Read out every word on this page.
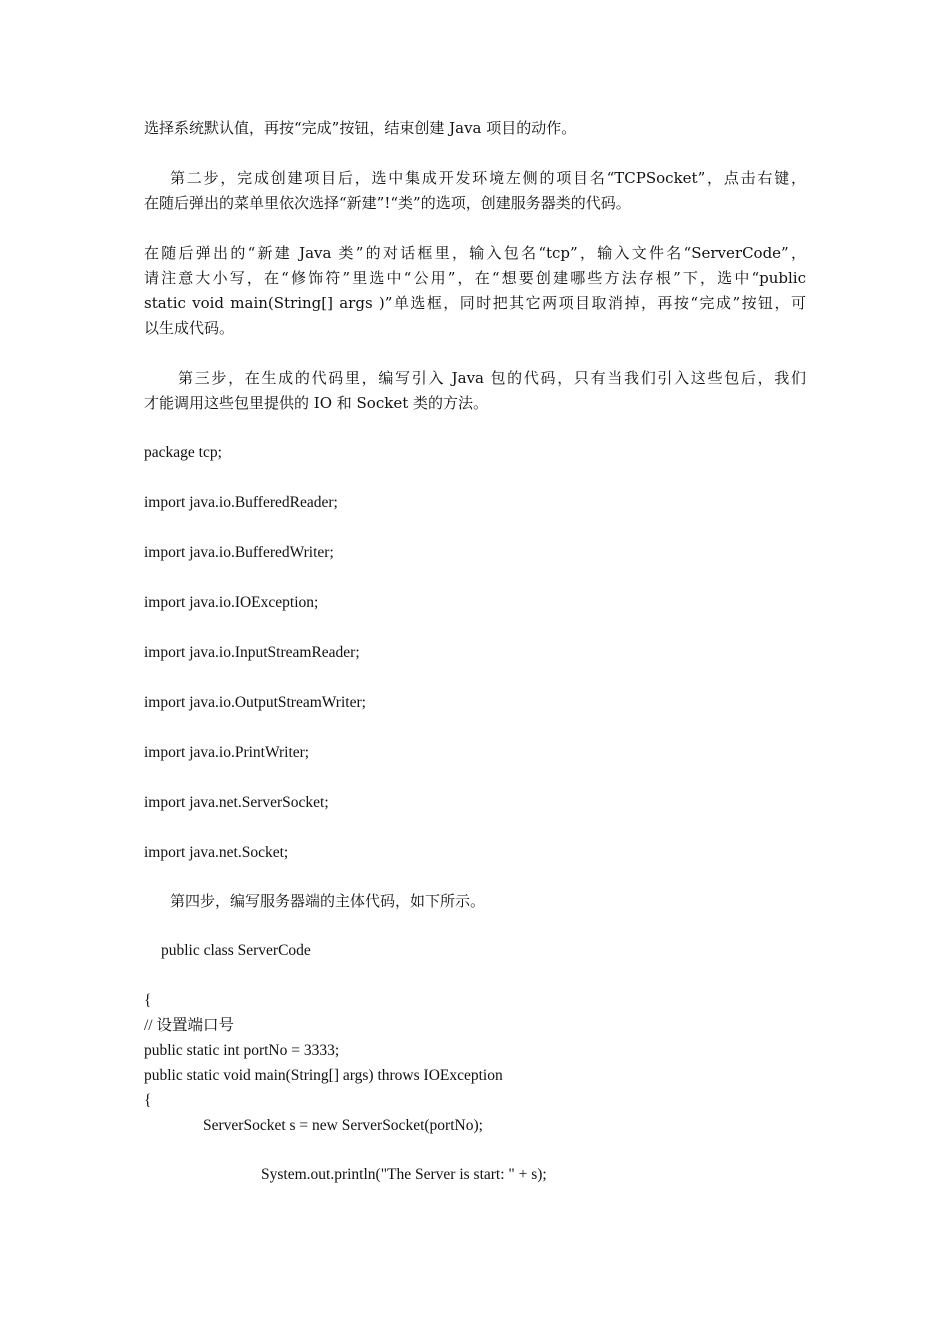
选择系统默认值，再按“完成”按钮，结束创建 Java 项目的动作。
第二步，完成创建项目后，选中集成开发环境左侧的项目名“TCPSocket”，点击右键，
在随后弹出的菜单里依次选择“新建”!“类”的选项，创建服务器类的代码。
在随后弹出的“新建 Java 类”的对话框里，输入包名“tcp”，输入文件名“ServerCode”，
请注意大小写，在“修饰符”里选中“公用”，在“想要创建哪些方法存根”下，选中“public
static void main(String[] args )”单选框，同时把其它两项目取消掉，再按“完成”按钮，可
以生成代码。
第三步，在生成的代码里，编写引入 Java 包的代码，只有当我们引入这些包后，我们
才能调用这些包里提供的 IO 和 Socket 类的方法。
package tcp;
import java.io.BufferedReader;
import java.io.BufferedWriter;
import java.io.IOException;
import java.io.InputStreamReader;
import java.io.OutputStreamWriter;
import java.io.PrintWriter;
import java.net.ServerSocket;
import java.net.Socket;
第四步，编写服务器端的主体代码，如下所示。
public class ServerCode
{
// 设置端口号
public static int portNo = 3333;
public static void main(String[] args) throws IOException
{
ServerSocket s = new ServerSocket(portNo);
System.out.println("The Server is start: " + s);
